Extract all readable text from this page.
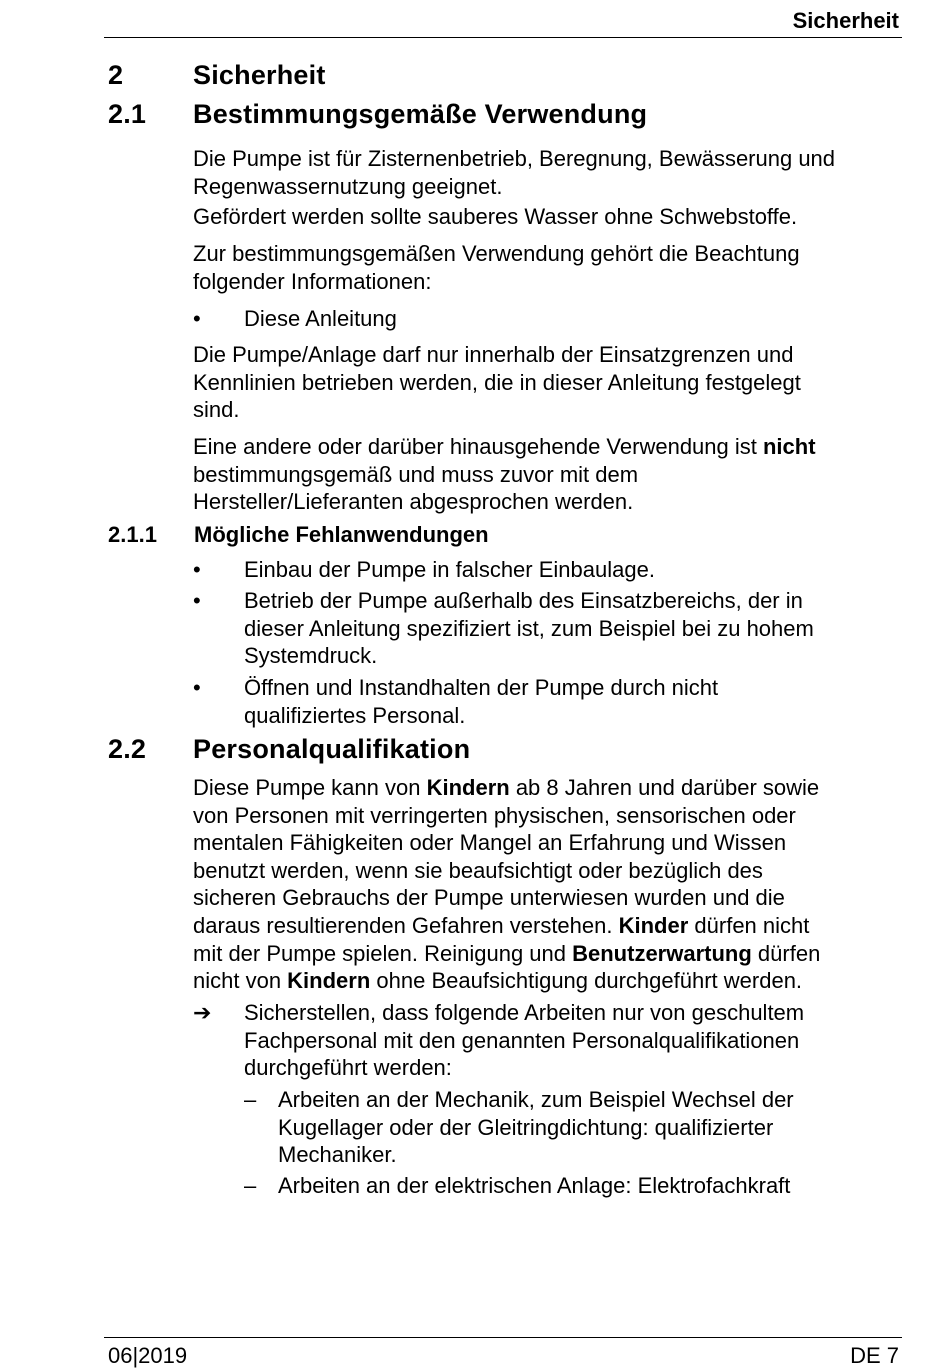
Sicherheit
2	Sicherheit
2.1 Bestimmungsgemäße Verwendung
Die Pumpe ist für Zisternenbetrieb, Beregnung, Bewässerung und
Regenwassernutzung geeignet.
Gefördert werden sollte sauberes Wasser ohne Schwebstoffe.
Zur bestimmungsgemäßen Verwendung gehört die Beachtung
folgender Informationen:
• Diese Anleitung
Die Pumpe/Anlage darf nur innerhalb der Einsatzgrenzen und
Kennlinien betrieben werden, die in dieser Anleitung festgelegt
sind.
Eine andere oder darüber hinausgehende Verwendung ist nicht
bestimmungsgemäß und muss zuvor mit dem
Hersteller/Lieferanten abgesprochen werden.
2.1.1 Mögliche Fehlanwendungen
• Einbau der Pumpe in falscher Einbaulage.
• Betrieb der Pumpe außerhalb des Einsatzbereichs, der in
dieser Anleitung spezifiziert ist, zum Beispiel bei zu hohem
Systemdruck.
• Öffnen und Instandhalten der Pumpe durch nicht
qualifiziertes Personal.
2.2 Personalqualifikation
Diese Pumpe kann von Kindern ab 8 Jahren und darüber sowie
von Personen mit verringerten physischen, sensorischen oder
mentalen Fähigkeiten oder Mangel an Erfahrung und Wissen
benutzt werden, wenn sie beaufsichtigt oder bezüglich des
sicheren Gebrauchs der Pumpe unterwiesen wurden und die
daraus resultierenden Gefahren verstehen. Kinder dürfen nicht
mit der Pumpe spielen. Reinigung und Benutzerwartung dürfen
nicht von Kindern ohne Beaufsichtigung durchgeführt werden.
➔ Sicherstellen, dass folgende Arbeiten nur von geschultem
Fachpersonal mit den genannten Personalqualifikationen
durchgeführt werden:
– Arbeiten an der Mechanik, zum Beispiel Wechsel der
Kugellager oder der Gleitringdichtung: qualifizierter
Mechaniker.
– Arbeiten an der elektrischen Anlage: Elektrofachkraft
06|2019	DE 7
